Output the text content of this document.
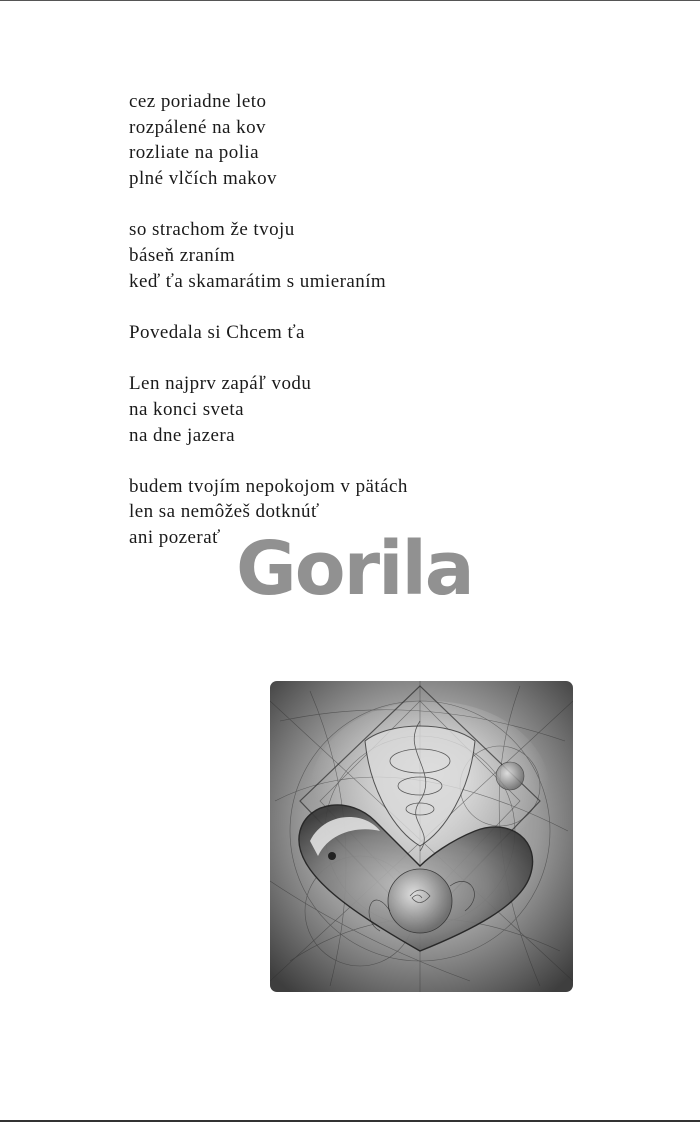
cez poriadne leto
rozpálené na kov
rozliate na polia
plné vlčích makov
so strachom že tvoju
báseň zraním
keď ťa skamarátim s umieraním
Povedala si Chcem ťa
Len najprv zapáľ vodu
na konci sveta
na dne jazera
budem tvojím nepokojom v pätách
len sa nemôžeš dotknúť
ani pozerať Gorila
